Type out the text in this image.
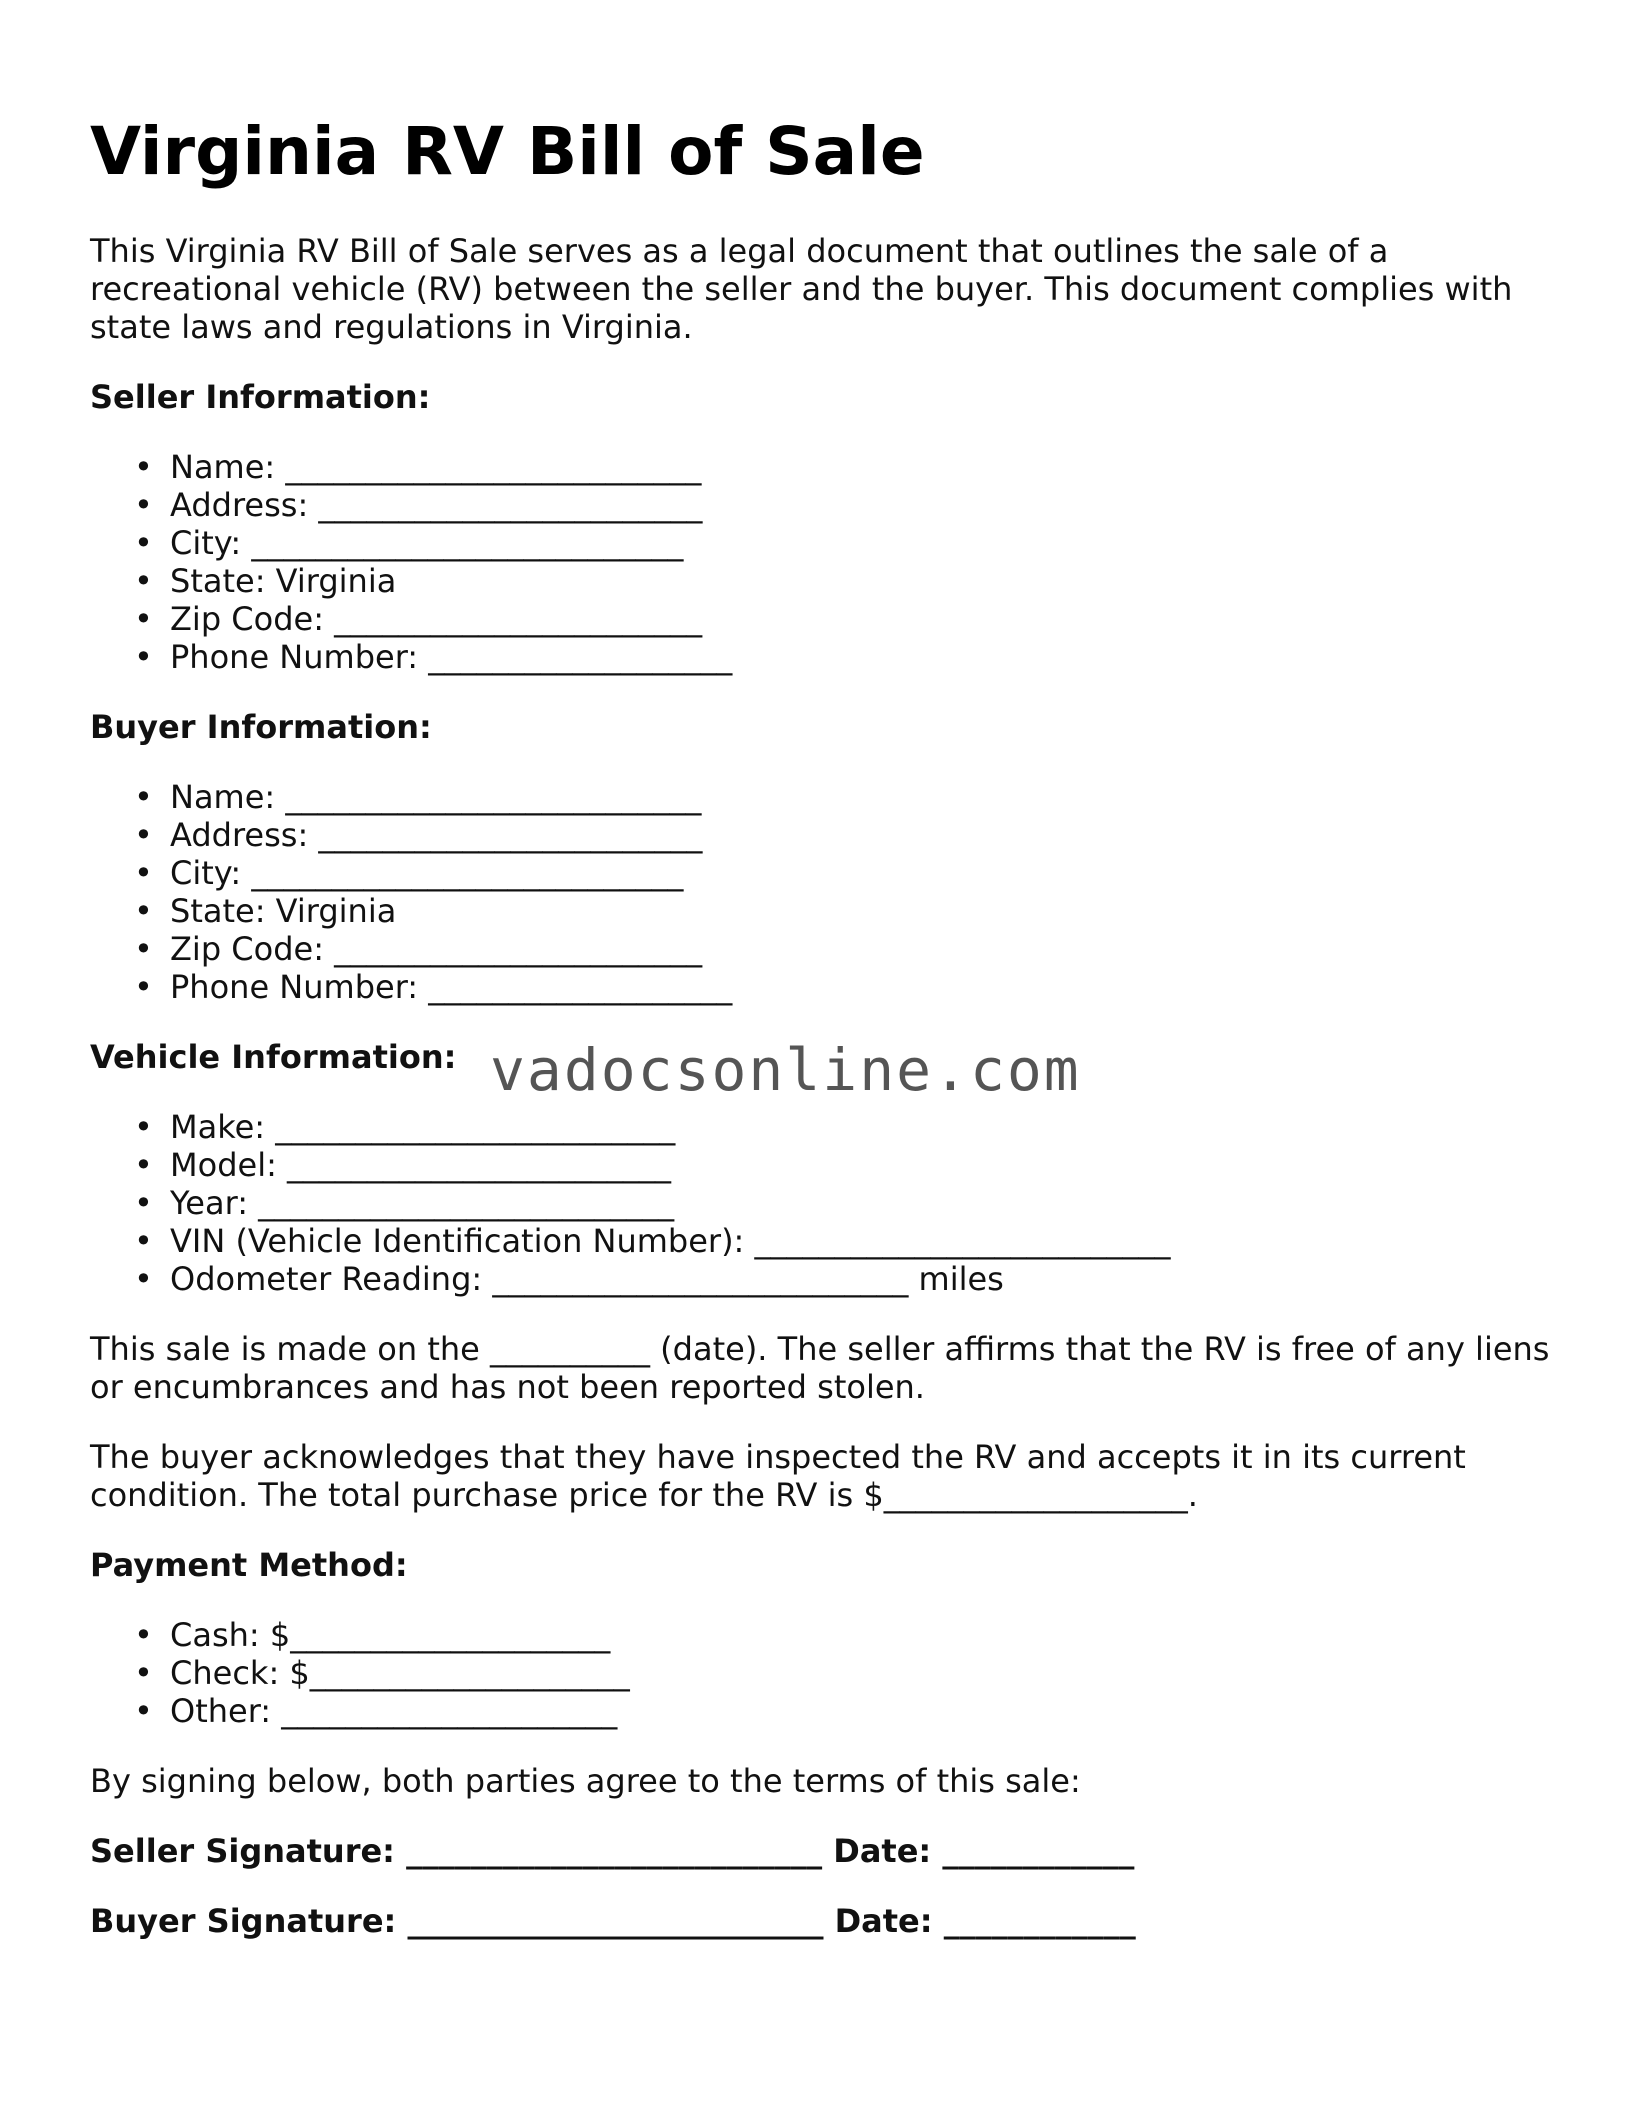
Virginia RV Bill of Sale

This Virginia RV Bill of Sale serves as a legal document that outlines the sale of a recreational vehicle (RV) between the seller and the buyer. This document complies with state laws and regulations in Virginia.

Seller Information:
• Name: __________________________
• Address: ________________________
• City: ___________________________
• State: Virginia
• Zip Code: _______________________
• Phone Number: ___________________
Buyer Information:
• Name: __________________________
• Address: ________________________
• City: ___________________________
• State: Virginia
• Zip Code: _______________________
• Phone Number: ___________________
Vehicle Information:
• Make: _________________________
• Model: ________________________
• Year: __________________________
• VIN (Vehicle Identification Number): __________________________
• Odometer Reading: __________________________ miles

This sale is made on the __________ (date). The seller affirms that the RV is free of any liens or encumbrances and has not been reported stolen.

The buyer acknowledges that they have inspected the RV and accepts it in its current condition. The total purchase price for the RV is $___________________.

Payment Method:
• Cash: $____________________
• Check: $____________________
• Other: _____________________

By signing below, both parties agree to the terms of this sale:

Seller Signature: __________________________ Date: ____________
Buyer Signature: __________________________ Date: ____________
vadocsonline.com
